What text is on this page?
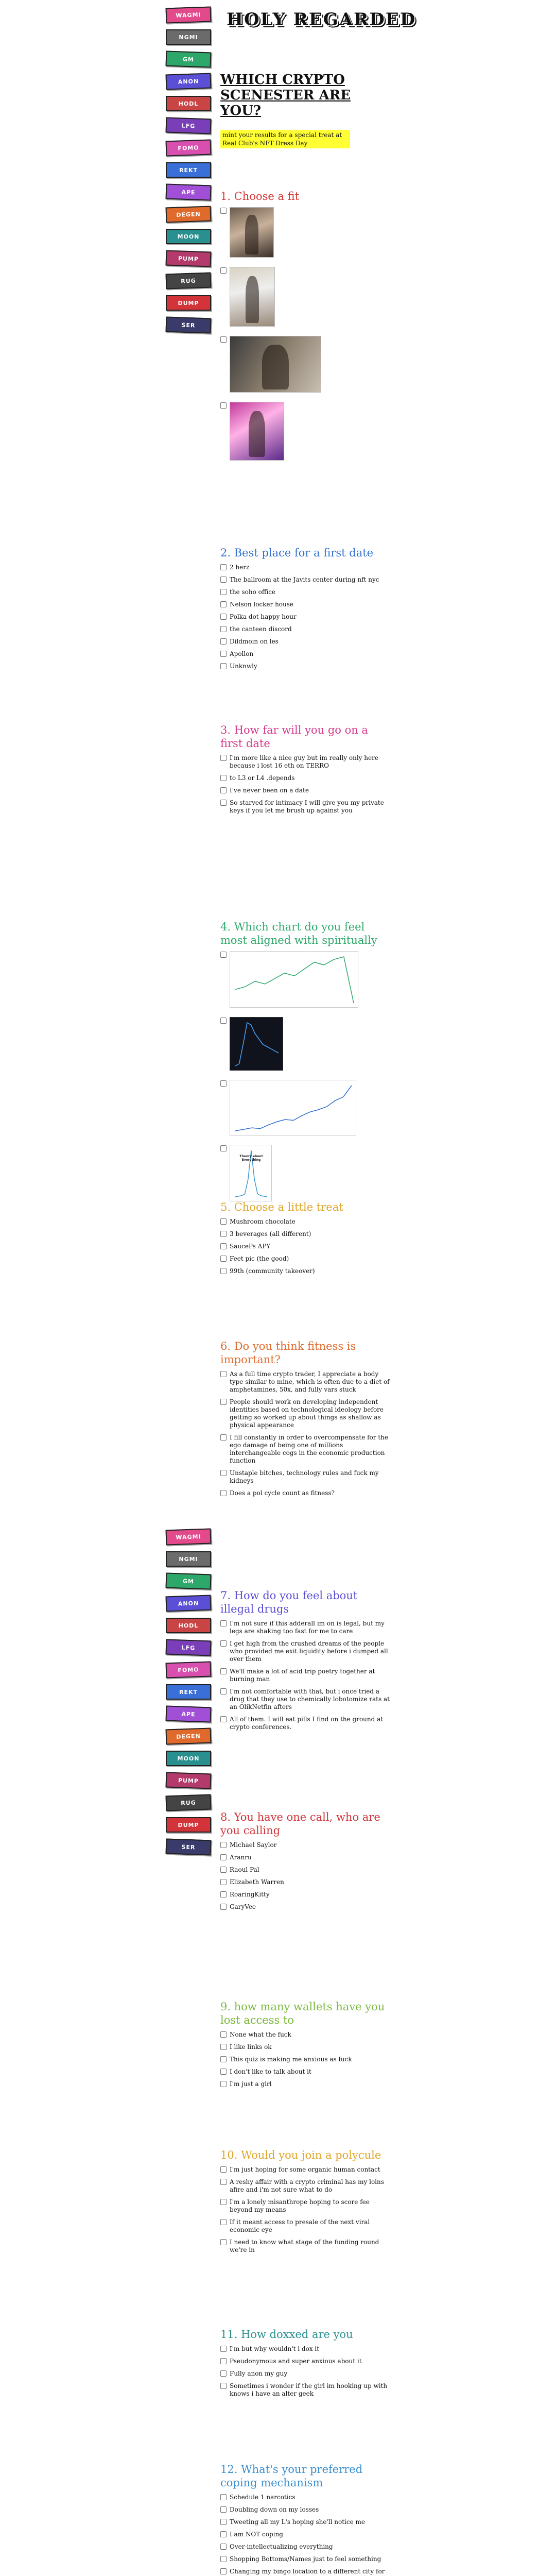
HOLY REGARDED
WAGMI
NGMI
GM
ANON
HODL
LFG
FOMO
REKT
APE
DEGEN
MOON
PUMP
RUG
DUMP
SER
WAGMI
NGMI
GM
ANON
HODL
LFG
FOMO
REKT
APE
DEGEN
MOON
PUMP
RUG
DUMP
SER
WHICH CRYPTO SCENESTER ARE YOU?
mint your results for a special treat at Real Club's NFT Dress Day
1. Choose a fit
2. Best place for a first date
2 herz
The ballroom at the Javits center during nft nyc
the soho office
Nelson locker house
Polka dot happy hour
the canteen discord
Dildmoin on les
Apollon
Unknwly
3. How far will you go on a first date
I'm more like a nice guy but im really only here because i lost 16 eth on TERRO
to L3 or L4 .depends
I've never been on a date
So starved for intimacy I will give you my private keys if you let me brush up against you
4. Which chart do you feel most aligned with spiritually
Theory about Everything
5. Choose a little treat
Mushroom chocolate
3 beverages (all different)
SaucePs APY
Feet pic (the good)
99th (community takeover)
6. Do you think fitness is important?
As a full time crypto trader, I appreciate a body type similar to mine, which is often due to a diet of amphetamines, 50x, and fully vars stuck
People should work on developing independent identities based on technological ideology before getting so worked up about things as shallow as physical appearance
I fill constantly in order to overcompensate for the ego damage of being one of millions interchangeable cogs in the economic production function
Unstaple bitches, technology rules and fuck my kidneys
Does a pol cycle count as fitness?
7. How do you feel about illegal drugs
I'm not sure if this adderall im on is legal, but my legs are shaking too fast for me to care
I get high from the crushed dreams of the people who provided me exit liquidity before i dumped all over them
We'll make a lot of acid trip poetry together at burning man
I'm not comfortable with that, but i once tried a drug that they use to chemically lobotomize rats at an OlikNetfin afters
All of them. I will eat pills I find on the ground at crypto conferences.
8. You have one call, who are you calling
Michael Saylor
Aranru
Raoul Pal
Elizabeth Warren
RoaringKitty
GaryVee
9. how many wallets have you lost access to
None what the fuck
I like links ok
This quiz is making me anxious as fuck
I don't like to talk about it
I'm just a girl
10. Would you join a polycule
I'm just hoping for some organic human contact
A reshy affair with a crypto criminal has my loins afire and i'm not sure what to do
I'm a lonely misanthrope hoping to score fee beyond my means
If it meant access to presale of the next viral economic eye
I need to know what stage of the funding round we're in
11. How doxxed are you
I'm but why wouldn't i dox it
Pseudonymous and super anxious about it
Fully anon my guy
Sometimes i wonder if the girl im hooking up with knows i have an alter geek
12. What's your preferred coping mechanism
Schedule 1 narcotics
Doubling down on my losses
Tweeting all my L's hoping she'll notice me
I am NOT coping
Over-intellectualizing everything
Shopping Bottoms/Names just to feel something
Changing my bingo location to a different city for
